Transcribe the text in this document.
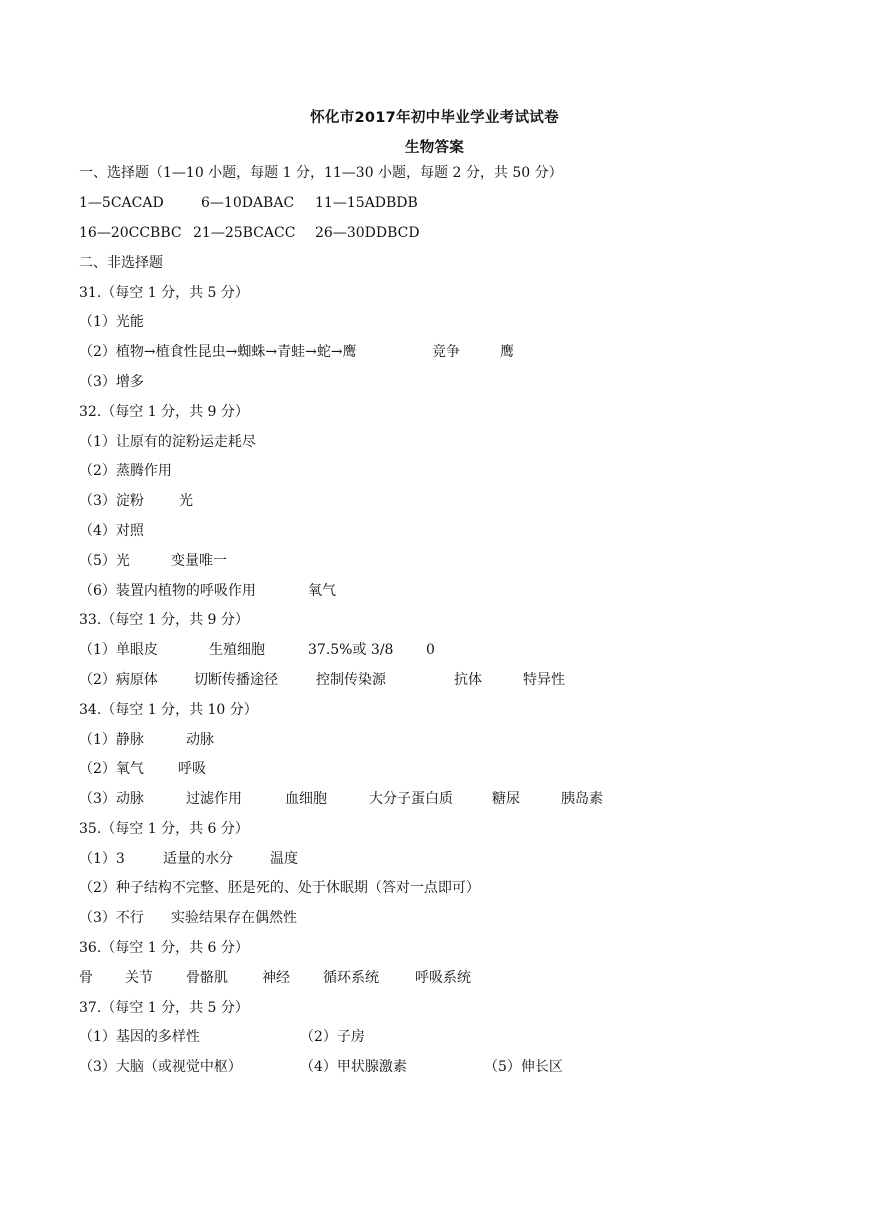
怀化市2017年初中毕业学业考试试卷
生物答案
一、选择题（1—10 小题，每题 1 分，11—30 小题，每题 2 分，共 50 分）
1—5CACAD	6—10DABAC 11—15ADBDB
16—20CCBBC 21—25BCACC 26—30DDBCD
二、非选择题
31.（每空 1 分，共 5 分）
（1）光能
（2）植物→植食性昆虫→蜘蛛→青蛙→蛇→鹰	竞争	鹰
（3）增多
32.（每空 1 分，共 9 分）
（1）让原有的淀粉运走耗尽
（2）蒸腾作用
（3）淀粉	光
（4）对照
（5）光	变量唯一
（6）装置内植物的呼吸作用	氧气
33.（每空 1 分，共 9 分）
（1）单眼皮	生殖细胞	37.5%或 3/8 0
（2）病原体	切断传播途径	控制传染源	抗体	特异性
34.（每空 1 分，共 10 分）
（1）静脉	动脉
（2）氧气 呼吸
（3）动脉	过滤作用	血细胞	大分子蛋白质	糖尿	胰岛素
35.（每空 1 分，共 6 分）
（1）3	适量的水分	温度
（2）种子结构不完整、胚是死的、处于休眠期（答对一点即可）
（3）不行 实验结果存在偶然性
36.（每空 1 分，共 6 分）
骨 关节 骨骼肌 神经 循环系统	呼吸系统
37.（每空 1 分，共 5 分）
（1）基因的多样性	（2）子房
（3）大脑（或视觉中枢）	（4）甲状腺激素	（5）伸长区
